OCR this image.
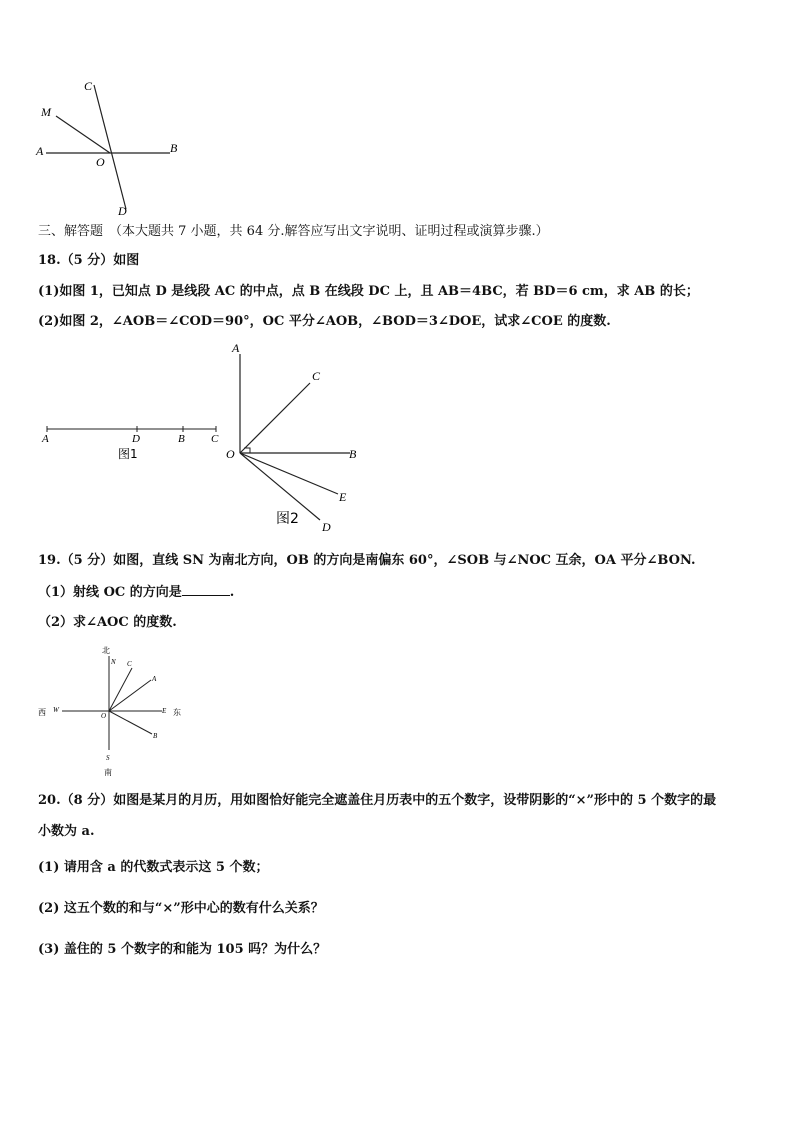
C
M
A	B
O
D
三、解答题 （本大题共 7 小题，共 64 分.解答应写出文字说明、证明过程或演算步骤.）
18.（5 分）如图
(1)如图 1，已知点 D 是线段 AC 的中点，点 B 在线段 DC 上，且 AB＝4BC，若 BD＝6 cm，求 AB 的长；
(2)如图 2，∠AOB＝∠COD＝90°，OC 平分∠AOB，∠BOD＝3∠DOE，试求∠COE 的度数.
A	D	B C
图1
A
C
O	B
E
D
图2
19.（5 分）如图，直线 SN 为南北方向，OB 的方向是南偏东 60°，∠SOB 与∠NOC 互余，OA 平分∠BON.
（1）射线 OC 的方向是	.
（2）求∠AOC 的度数.
北
N C
A
西 W
O
E 东
B
S
南
20.（8 分）如图是某月的月历，用如图恰好能完全遮盖住月历表中的五个数字，设带阴影的“×”形中的 5 个数字的最
小数为 a.
(1) 请用含 a 的代数式表示这 5 个数；
(2) 这五个数的和与“×”形中心的数有什么关系？
(3) 盖住的 5 个数字的和能为 105 吗？为什么？
